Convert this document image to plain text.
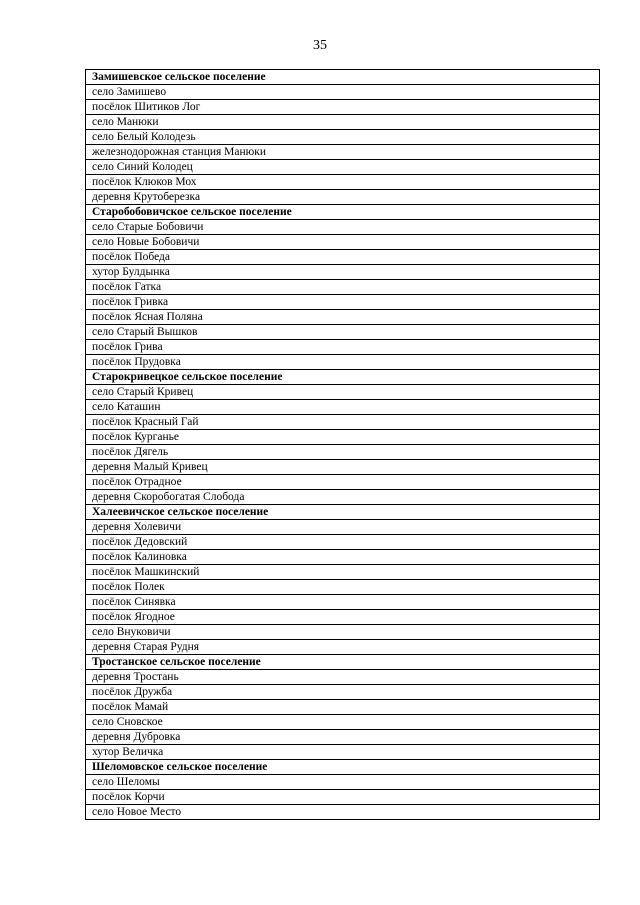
35
Замишевское сельское поселение
село Замишево
посёлок Шитиков Лог
село Манюки
село Белый Колодезь
железнодорожная станция Манюки
село Синий Колодец
посёлок Клюков Мох
деревня Крутоберезка
Старобобовичское сельское поселение
село Старые Бобовичи
село Новые Бобовичи
посёлок Победа
хутор Булдынка
посёлок Гатка
посёлок Гривка
посёлок Ясная Поляна
село Старый Вышков
посёлок Грива
посёлок Прудовка
Старокривецкое сельское поселение
село Старый Кривец
село Каташин
посёлок Красный Гай
посёлок Курганье
посёлок Дягель
деревня Малый Кривец
посёлок Отрадное
деревня Скоробогатая Слобода
Халеевичское сельское поселение
деревня Холевичи
посёлок Дедовский
посёлок Калиновка
посёлок Машкинский
посёлок Полек
посёлок Синявка
посёлок Ягодное
село Внуковичи
деревня Старая Рудня
Тростанское сельское поселение
деревня Тростань
посёлок Дружба
посёлок Мамай
село Сновское
деревня Дубровка
хутор Величка
Шеломовское сельское поселение
село Шеломы
посёлок Корчи
село Новое Место
